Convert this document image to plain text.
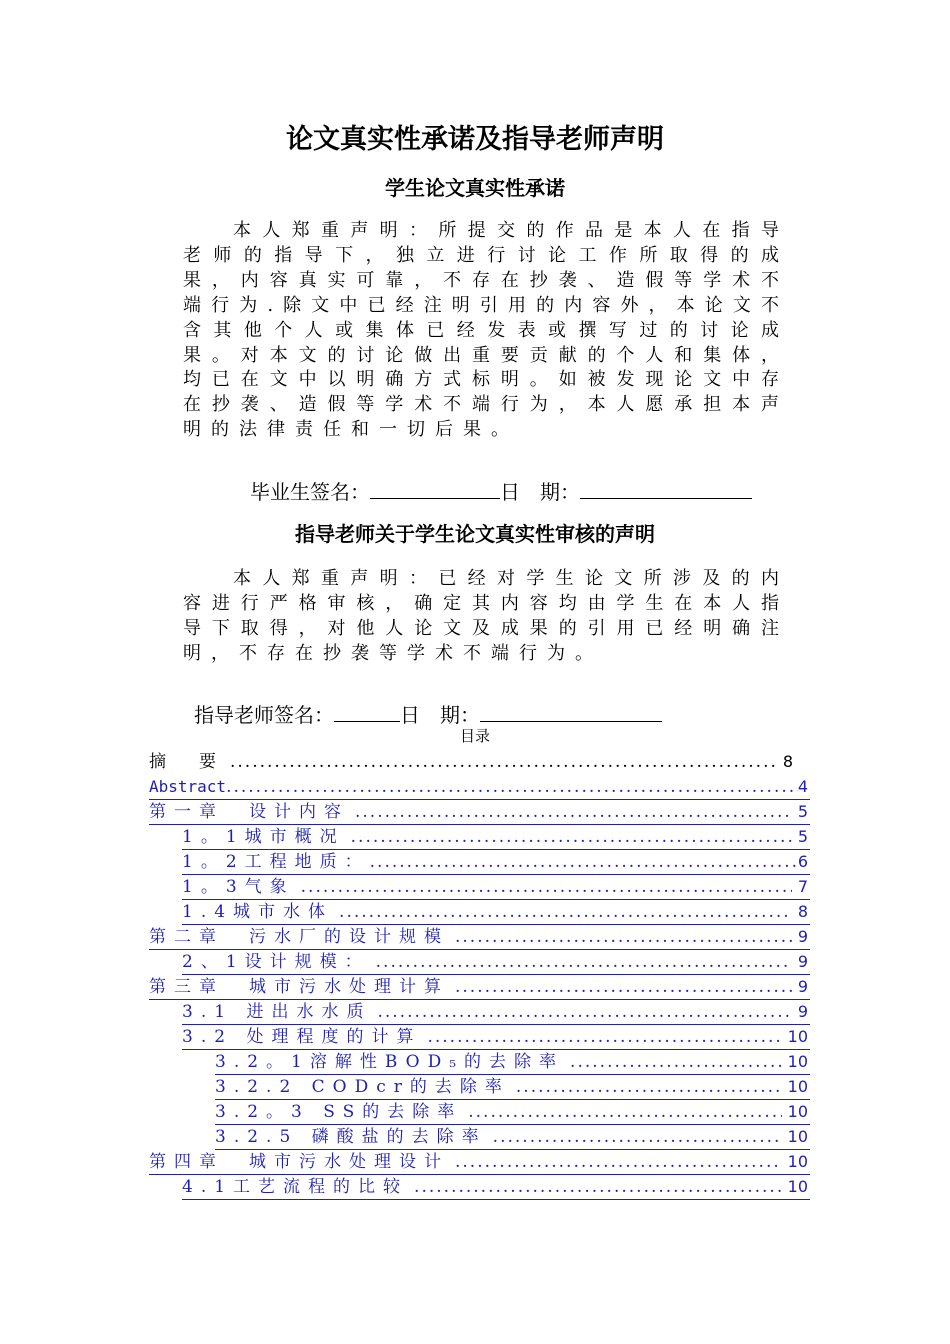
论文真实性承诺及指导老师声明
学生论文真实性承诺
本人郑重声明：所提交的作品是本人在指导老师的指导下，独立进行讨论工作所取得的成果，内容真实可靠，不存在抄袭、造假等学术不端行为.除文中已经注明引用的内容外，本论文不含其他个人或集体已经发表或撰写过的讨论成果。对本文的讨论做出重要贡献的个人和集体，均已在文中以明确方式标明。如被发现论文中存在抄袭、造假等学术不端行为，本人愿承担本声明的法律责任和一切后果。
毕业生签名：	日　期：
指导老师关于学生论文真实性审核的声明
本人郑重声明：已经对学生论文所涉及的内容进行严格审核，确定其内容均由学生在本人指导下取得，对他人论文及成果的引用已经明确注明，不存在抄袭等学术不端行为。
指导老师签名：	日　期：
目录
摘　要 .....	8
Abstract .....	4
第一章　设计内容 .....	5
1。1城市概况 .....	5
1。2工程地质： .....	6
1。3气象 .....	7
1.4城市水体 .....	8
第二章　污水厂的设计规模 .....	9
2、1设计规模： .....	9
第三章　城市污水处理计算 .....	9
3.1 进出水水质 .....	9
3.2 处理程度的计算 .....	10
3.2。1溶解性BOD₅的去除率 .....	10
3.2.2 CODcr的去除率 .....	10
3.2。3 SS的去除率 .....	10
3.2.5 磷酸盐的去除率 .....	10
第四章　城市污水处理设计 .....	10
4.1工艺流程的比较 .....	10
